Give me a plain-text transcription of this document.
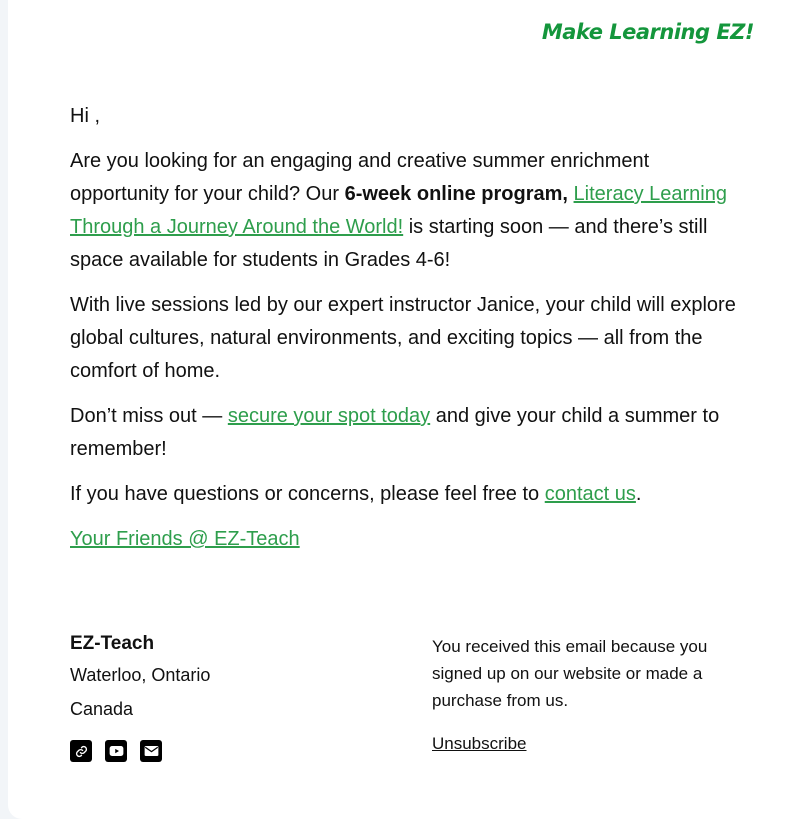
Make Learning EZ!

Hi ,

Are you looking for an engaging and creative summer enrichment opportunity for your child? Our 6-week online program, Literacy Learning Through a Journey Around the World! is starting soon — and there’s still space available for students in Grades 4-6!

With live sessions led by our expert instructor Janice, your child will explore global cultures, natural environments, and exciting topics — all from the comfort of home.

Don’t miss out — secure your spot today and give your child a summer to remember!

If you have questions or concerns, please feel free to contact us.

Your Friends @ EZ-Teach

EZ-Teach
Waterloo, Ontario
Canada
You received this email because you signed up on our website or made a purchase from us.
Unsubscribe
